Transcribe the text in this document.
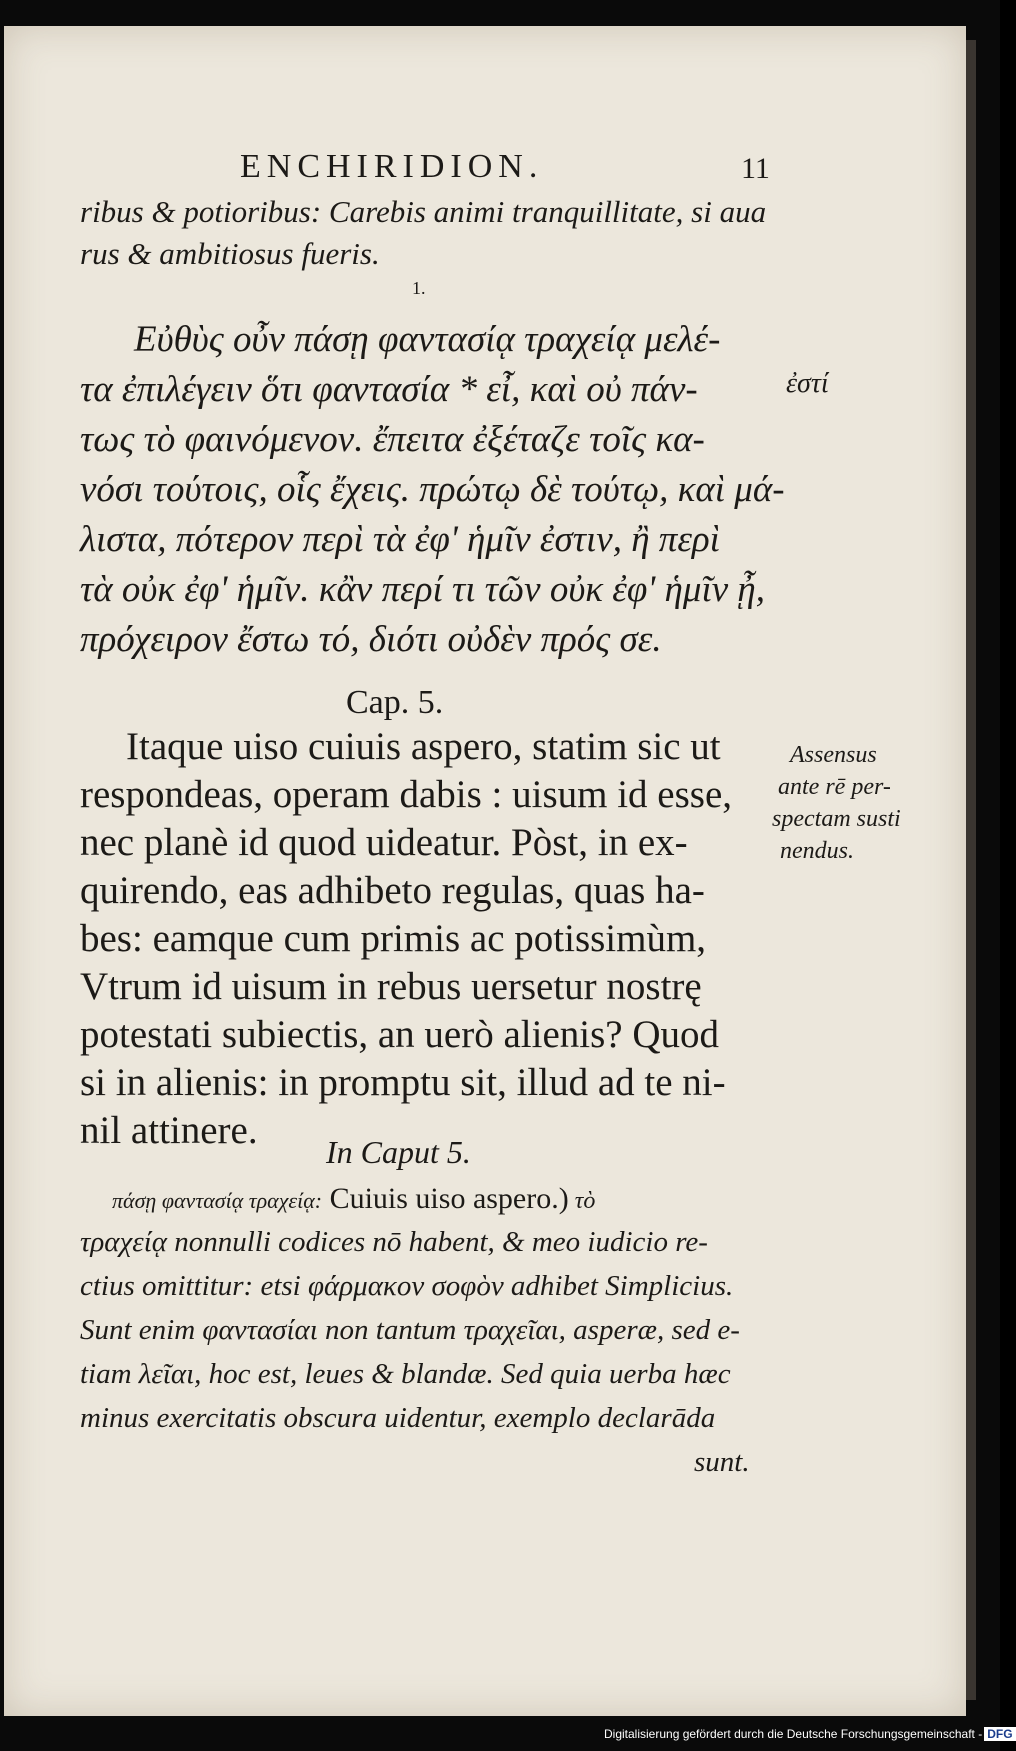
ENCHIRIDION.	11
ribus & potioribus: Carebis animi tranquillitate, si aua
rus & ambitiosus fueris.
1.
Εὐθὺς οὖν πάσῃ φαντασίᾳ τραχείᾳ μελέ-
τα ἐπιλέγειν ὅτι φαντασία * εἶ, καὶ οὐ πάν-
τως τὸ φαινόμενον. ἔπειτα ἐξέταζε τοῖς κα-
νόσι τούτοις, οἷς ἔχεις. πρώτῳ δὲ τούτῳ, καὶ μά-
λιστα, πότερον περὶ τὰ ἐφ' ἡμῖν ἐστιν, ἢ περὶ
τὰ οὐκ ἐφ' ἡμῖν. κἂν περί τι τῶν οὐκ ἐφ' ἡμῖν ᾖ,
πρόχειρον ἔστω τό, διότι οὐδὲν πρός σε.
ἐστί
Cap. 5.
Itaque uiso cuiuis aspero, statim sic ut
respondeas, operam dabis : uisum id esse,
nec planè id quod uideatur. Pòst, in ex-
quirendo, eas adhibeto regulas, quas ha-
bes: eamque cum primis ac potissimùm,
Vtrum id uisum in rebus uersetur nostrę
potestati subiectis, an uerò alienis? Quod
si in alienis: in promptu sit, illud ad te ni-
nil attinere.
Assensus
ante rē per-
spectam susti
nendus.
In Caput 5.
πάσῃ φαντασίᾳ τραχείᾳ: Cuiuis uiso aspero.) τὸ
τραχείᾳ nonnulli codices nō habent, & meo iudicio re-
ctius omittitur: etsi φάρμακον σοφὸν adhibet Simplicius.
Sunt enim φαντασίαι non tantum τραχεῖαι, asperæ, sed e-
tiam λεῖαι, hoc est, leues & blandæ. Sed quia uerba hæc
minus exercitatis obscura uidentur, exemplo declarāda
sunt.
Digitalisierung gefördert durch die Deutsche Forschungsgemeinschaft - DFG
